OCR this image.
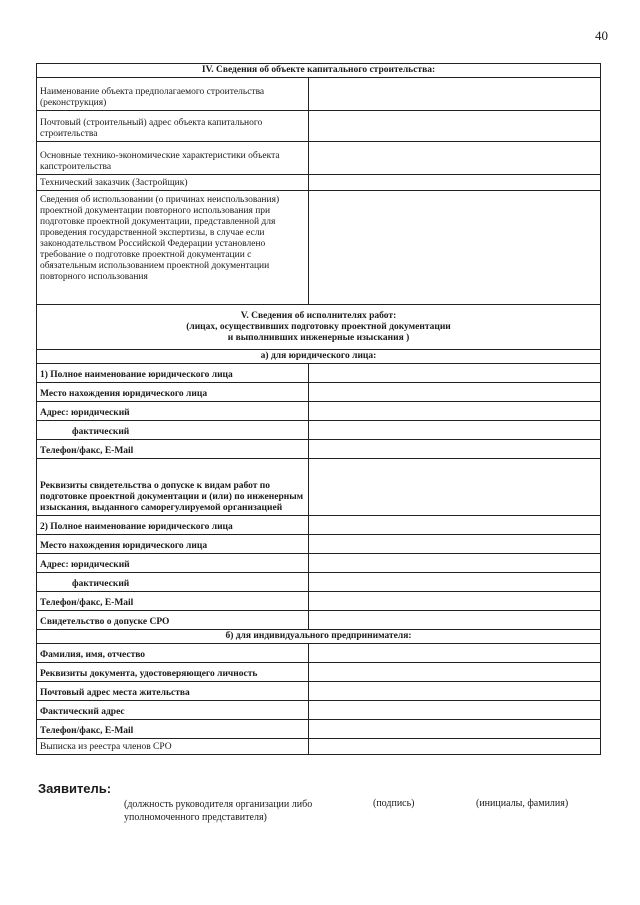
40
IV. Сведения об объекте капитального строительства:	
Наименование объекта предполагаемого строительства (реконструкция)	
Почтовый (строительный) адрес объекта капитального строительства	
Основные технико-экономические характеристики объекта капстроительства	
Технический заказчик (Застройщик)	
Сведения об использовании (о причинах неиспользования) проектной документации повторного использования при подготовке проектной документации, представленной для проведения государственной экспертизы, в случае если законодательством Российской Федерации установлено требование о подготовке проектной документации с обязательным использованием проектной документации повторного использования	

V. Сведения об исполнителях работ:
(лицах, осуществивших подготовку проектной документации
и выполнивших инженерные изыскания )	

а) для юридического лица:	
1) Полное наименование юридического лица	
Место нахождения юридического лица	
Адрес: юридический	
фактический	
Телефон/факс, E-Mail	
Реквизиты свидетельства о допуске к видам работ по подготовке проектной документации и (или) по инженерным изыскания, выданного саморегулируемой организацией	
2) Полное наименование юридического лица	
Место нахождения юридического лица	
Адрес: юридический	
фактический	
Телефон/факс, E-Mail	
Свидетельство о допуске СРО	
б) для индивидуального предпринимателя:	
Фамилия, имя, отчество	
Реквизиты документа, удостоверяющего личность	
Почтовый адрес места жительства	
Фактический адрес	
Телефон/факс, E-Mail	
Выписка из реестра членов СРО	
Заявитель:
(должность руководителя организации либо уполномоченного представителя)
(подпись)	(инициалы, фамилия)
